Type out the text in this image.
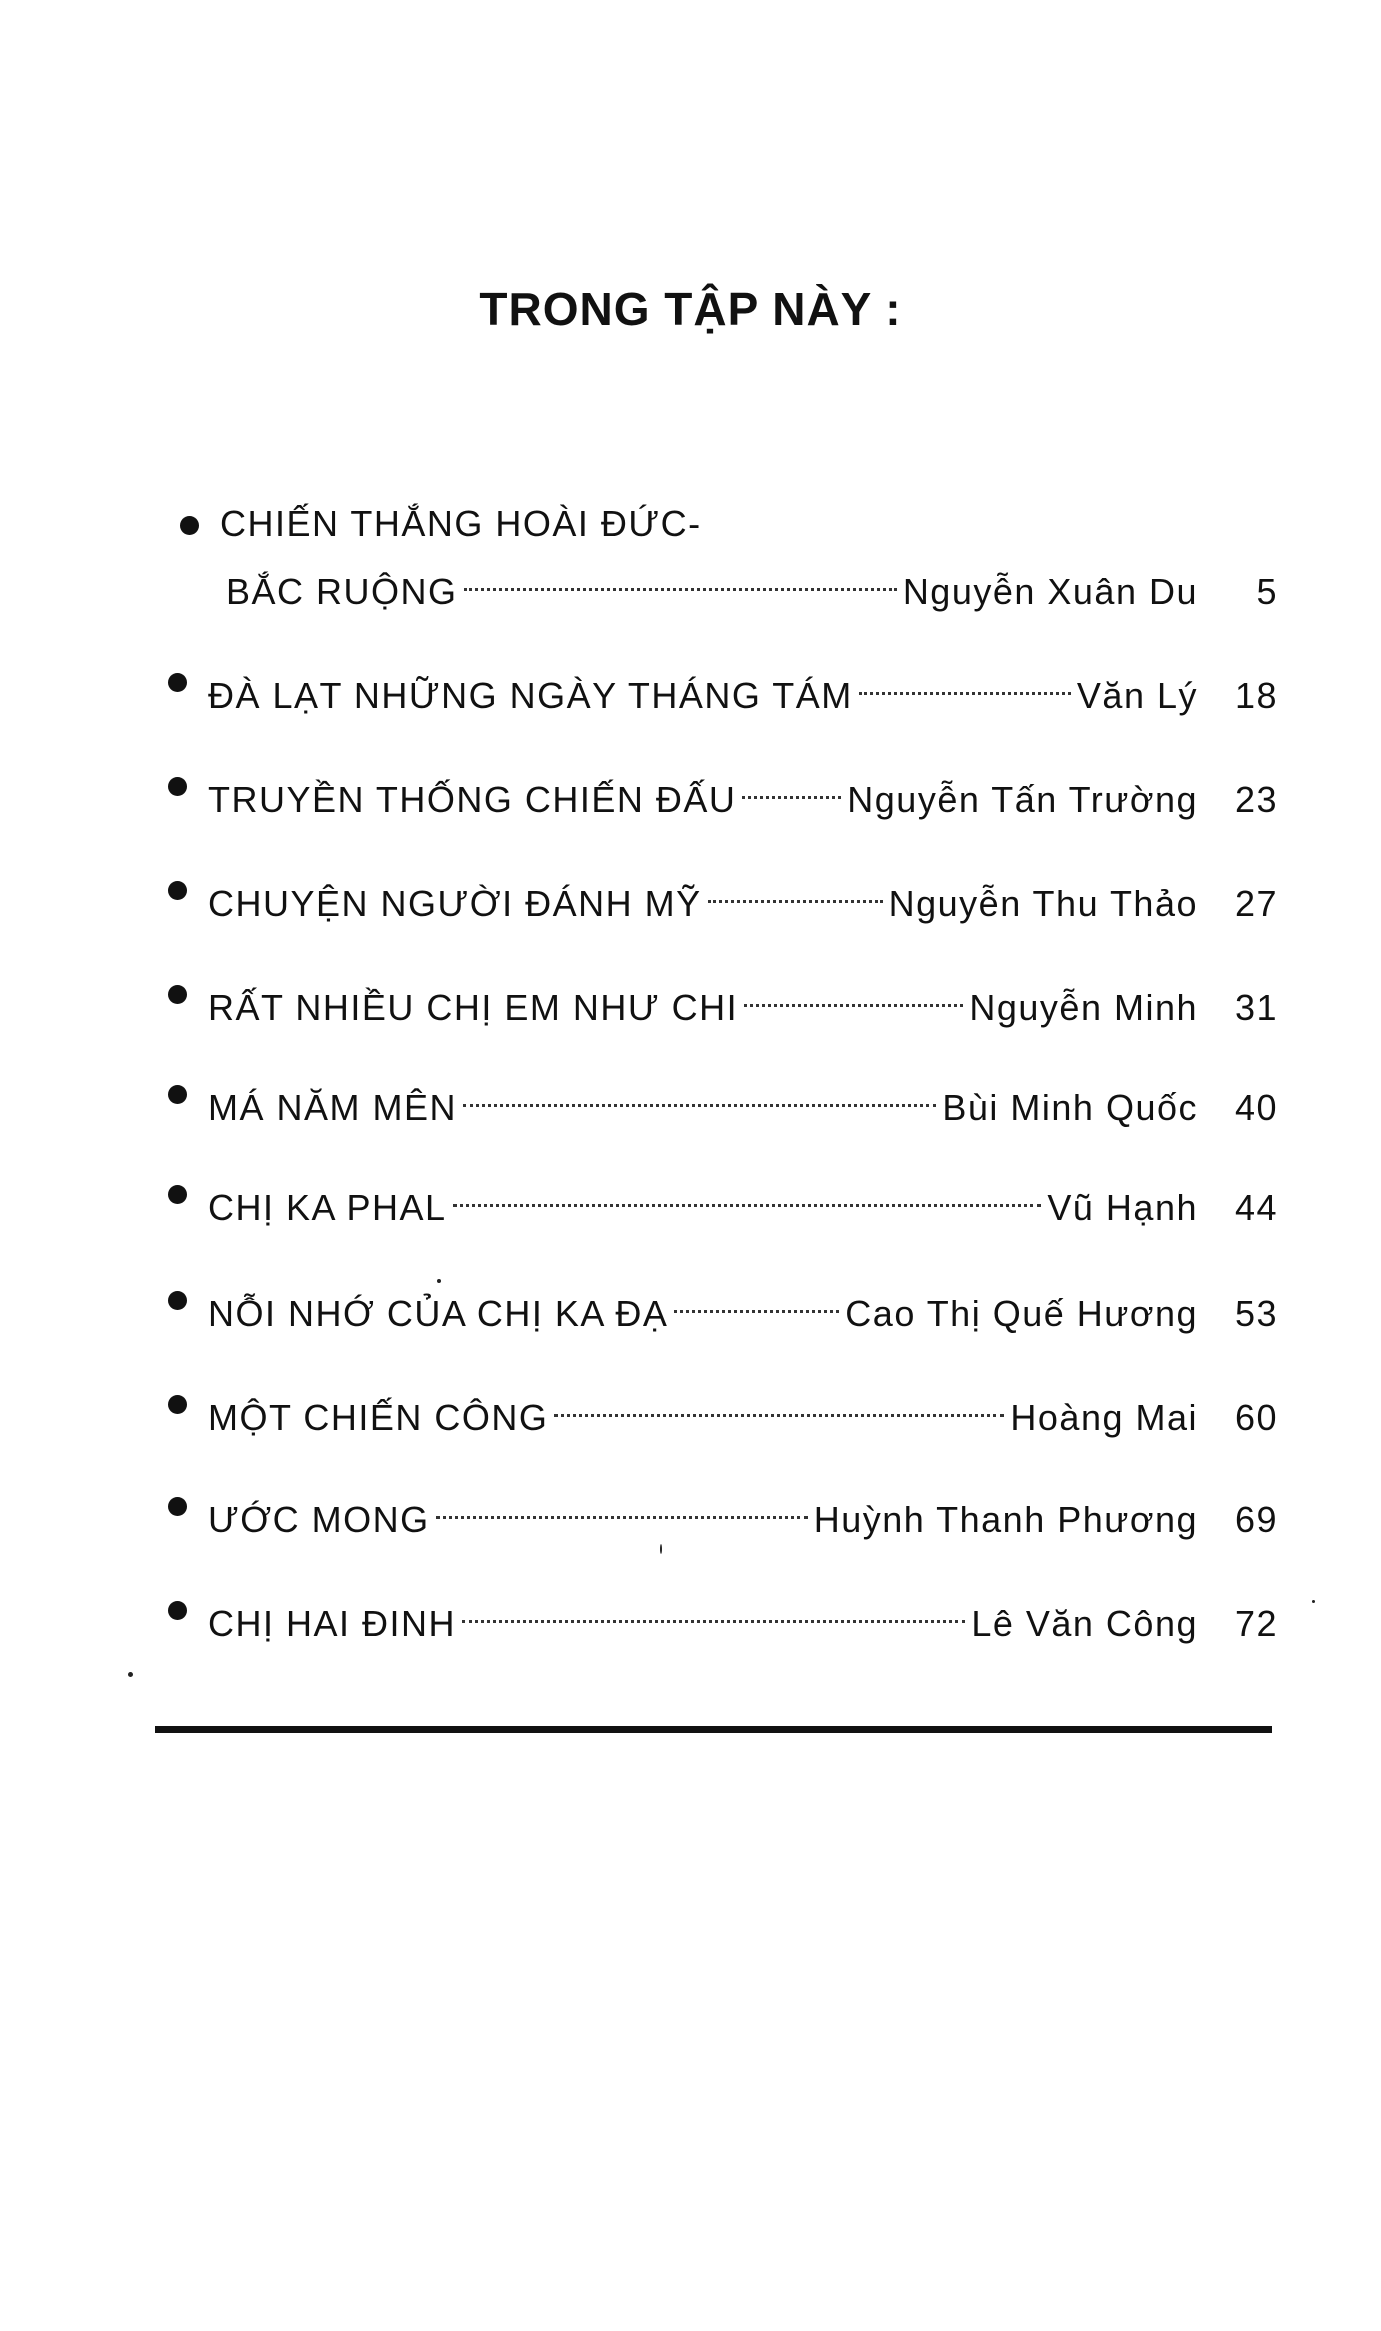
TRONG TẬP NÀY :
CHIẾN THẮNG HOÀI ĐỨC-
BẮC RUỘNG	Nguyễn Xuân Du	5
ĐÀ LẠT NHỮNG NGÀY THÁNG TÁM	Văn Lý	18
TRUYỀN THỐNG CHIẾN ĐẤU	Nguyễn Tấn Trường	23
CHUYỆN NGƯỜI ĐÁNH MỸ	Nguyễn Thu Thảo	27
RẤT NHIỀU CHỊ EM NHƯ CHI	Nguyễn Minh	31
MÁ NĂM MÊN	Bùi Minh Quốc	40
CHỊ KA PHAL	Vũ Hạnh	44
NỖI NHỚ CỦA CHỊ KA ĐẠ	Cao Thị Quế Hương	53
MỘT CHIẾN CÔNG	Hoàng Mai	60
ƯỚC MONG	Huỳnh Thanh Phương	69
CHỊ HAI ĐINH	Lê Văn Công	72
